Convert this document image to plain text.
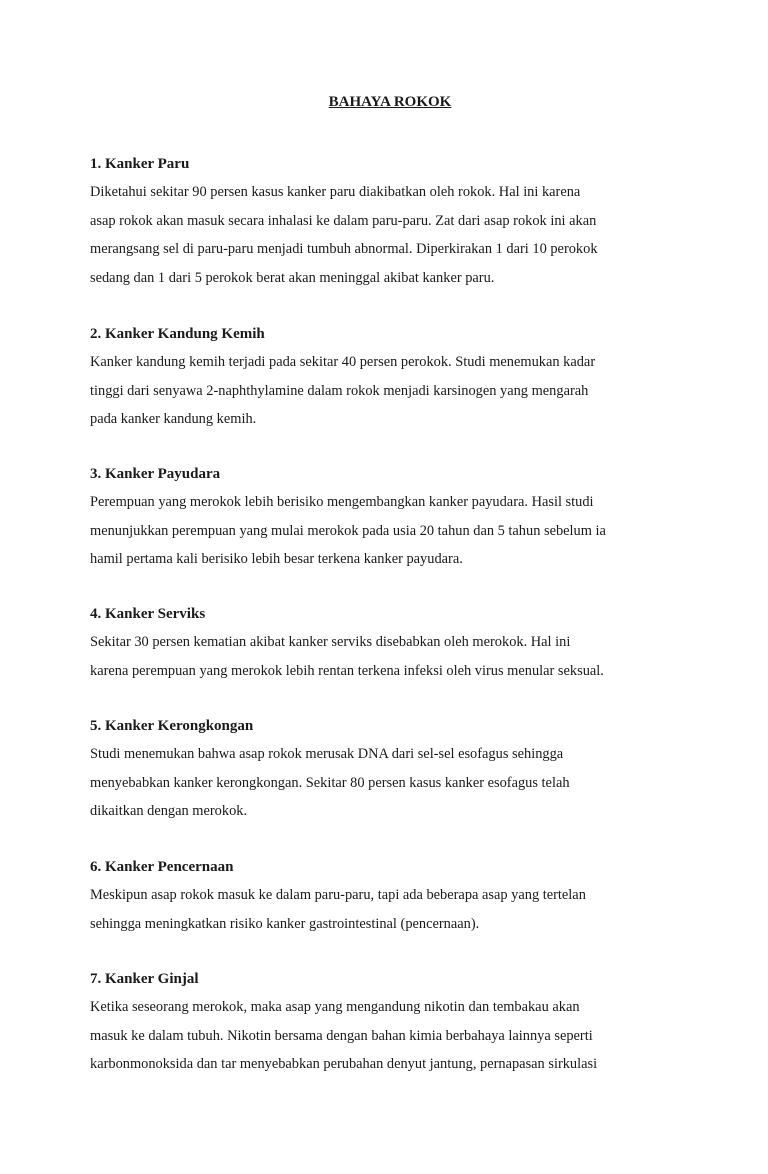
BAHAYA ROKOK

1. Kanker Paru

Diketahui sekitar 90 persen kasus kanker paru diakibatkan oleh rokok. Hal ini karena
asap rokok akan masuk secara inhalasi ke dalam paru-paru. Zat dari asap rokok ini akan
merangsang sel di paru-paru menjadi tumbuh abnormal. Diperkirakan 1 dari 10 perokok
sedang dan 1 dari 5 perokok berat akan meninggal akibat kanker paru.

2. Kanker Kandung Kemih

Kanker kandung kemih terjadi pada sekitar 40 persen perokok. Studi menemukan kadar
tinggi dari senyawa 2-naphthylamine dalam rokok menjadi karsinogen yang mengarah
pada kanker kandung kemih.

3. Kanker Payudara

Perempuan yang merokok lebih berisiko mengembangkan kanker payudara. Hasil studi
menunjukkan perempuan yang mulai merokok pada usia 20 tahun dan 5 tahun sebelum ia
hamil pertama kali berisiko lebih besar terkena kanker payudara.

4. Kanker Serviks

Sekitar 30 persen kematian akibat kanker serviks disebabkan oleh merokok. Hal ini
karena perempuan yang merokok lebih rentan terkena infeksi oleh virus menular seksual.

5. Kanker Kerongkongan

Studi menemukan bahwa asap rokok merusak DNA dari sel-sel esofagus sehingga
menyebabkan kanker kerongkongan. Sekitar 80 persen kasus kanker esofagus telah
dikaitkan dengan merokok.

6. Kanker Pencernaan

Meskipun asap rokok masuk ke dalam paru-paru, tapi ada beberapa asap yang tertelan
sehingga meningkatkan risiko kanker gastrointestinal (pencernaan).

7. Kanker Ginjal

Ketika seseorang merokok, maka asap yang mengandung nikotin dan tembakau akan
masuk ke dalam tubuh. Nikotin bersama dengan bahan kimia berbahaya lainnya seperti
karbonmonoksida dan tar menyebabkan perubahan denyut jantung, pernapasan sirkulasi
